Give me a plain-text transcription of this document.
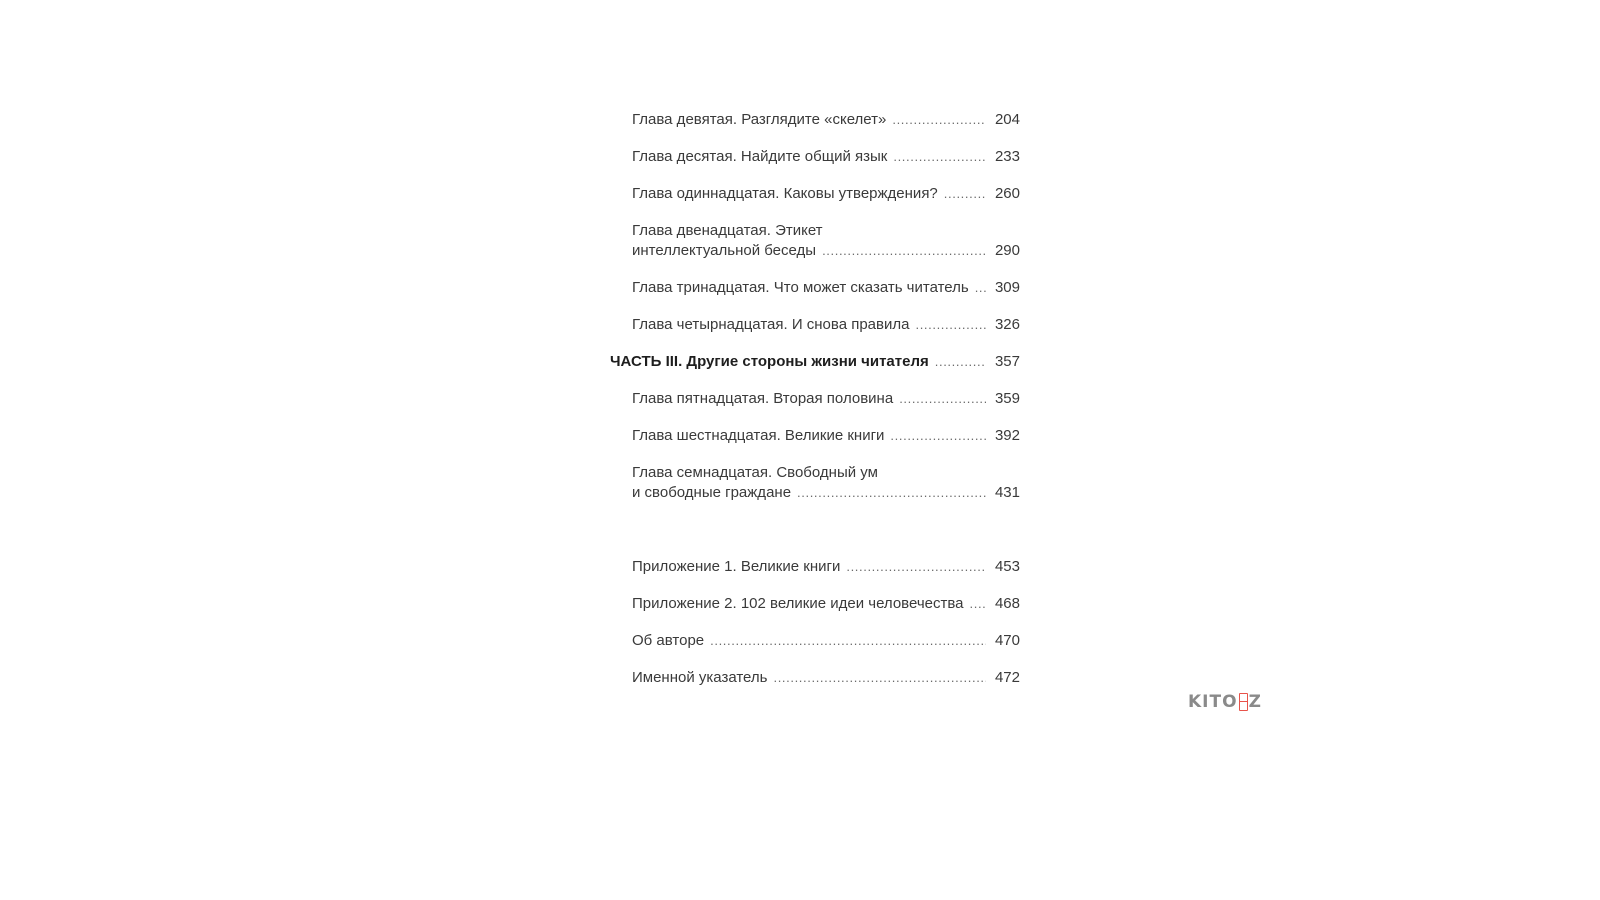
Глава девятая. Разглядите «скелет» . . .	204
Глава десятая. Найдите общий язык . . .	233
Глава одиннадцатая. Каковы утверждения? . . .	260
Глава двенадцатая. Этикет
интеллектуальной беседы . . .	290
Глава тринадцатая. Что может сказать читатель . . . 309
Глава четырнадцатая. И снова правила . . .	326
ЧАСТЬ III. Другие стороны жизни читателя . . .	357
Глава пятнадцатая. Вторая половина . . .	359
Глава шестнадцатая. Великие книги . . .	392
Глава семнадцатая. Свободный ум
и свободные граждане . . .	431
Приложение 1. Великие книги . . .	453
Приложение 2. 102 великие идеи человечества . . . 468
Об авторе . . .	470
Именной указатель . . .	472
KITO Z
